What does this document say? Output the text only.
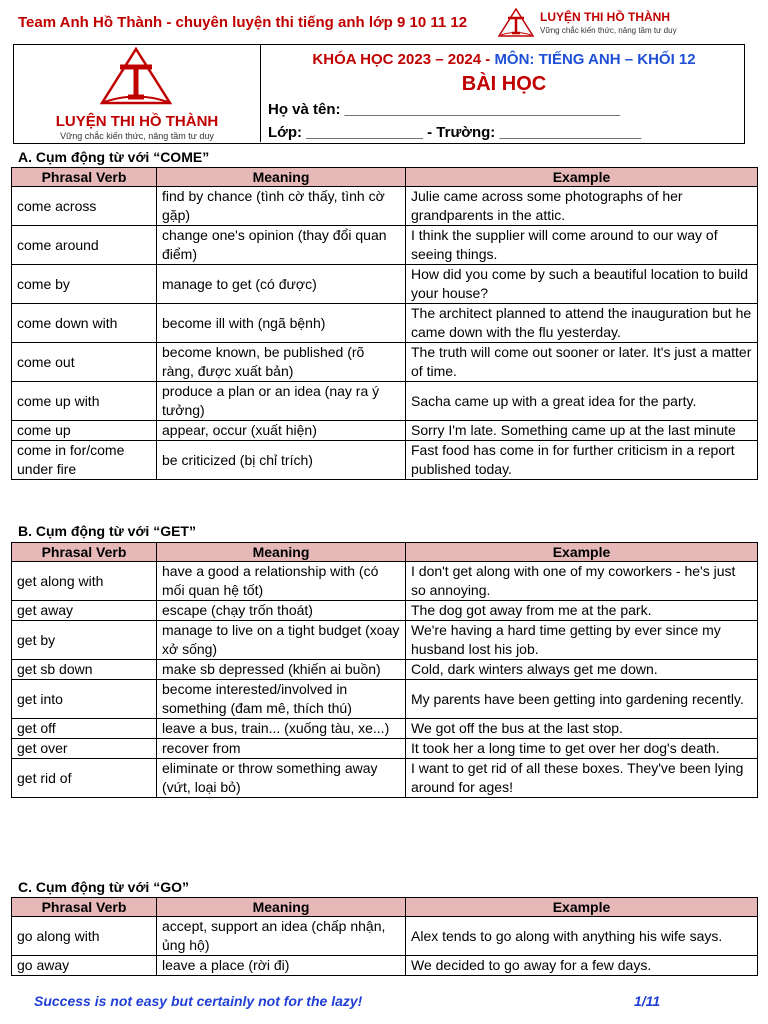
Team Anh Hồ Thành - chuyên luyện thi tiếng anh lớp 9 10 11 12	LUYỆN THI HỒ THÀNH
Vững chắc kiến thức, nâng tầm tư duy
LUYỆN THI HỒ THÀNH
Vững chắc kiến thức, nâng tầm tư duy
KHÓA HỌC 2023 – 2024 - MÔN: TIẾNG ANH – KHỐI 12
BÀI HỌC
Họ và tên: _________________________________
Lớp: ______________ - Trường: _________________
A. Cụm động từ với “COME”
Phrasal Verb	Meaning	Example
come across	find by chance (tình cờ thấy, tình cờ gặp)	Julie came across some photographs of her grandparents in the attic.
come around	change one's opinion (thay đổi quan điểm)	I think the supplier will come around to our way of seeing things.
come by	manage to get (có được)	How did you come by such a beautiful location to build your house?
come down with	become ill with (ngã bệnh)	The architect planned to attend the inauguration but he came down with the flu yesterday.
come out	become known, be published (rõ ràng, được xuất bản)	The truth will come out sooner or later. It's just a matter of time.
come up with	produce a plan or an idea (nay ra ý tưởng)	Sacha came up with a great idea for the party.
come up	appear, occur (xuất hiện)	Sorry I'm late. Something came up at the last minute
come in for/come under fire	be criticized (bị chỉ trích)	Fast food has come in for further criticism in a report published today.
B. Cụm động từ với “GET”
Phrasal Verb	Meaning	Example
get along with	have a good a relationship with (có mối quan hệ tốt)	I don't get along with one of my coworkers - he's just so annoying.
get away	escape (chạy trốn thoát)	The dog got away from me at the park.
get by	manage to live on a tight budget (xoay xở sống)	We're having a hard time getting by ever since my husband lost his job.
get sb down	make sb depressed (khiến ai buồn)	Cold, dark winters always get me down.
get into	become interested/involved in something (đam mê, thích thú)	My parents have been getting into gardening recently.
get off	leave a bus, train... (xuống tàu, xe...)	We got off the bus at the last stop.
get over	recover from	It took her a long time to get over her dog's death.
get rid of	eliminate or throw something away (vứt, loại bỏ)	I want to get rid of all these boxes. They've been lying around for ages!
C. Cụm động từ với “GO”
Phrasal Verb	Meaning	Example
go along with	accept, support an idea (chấp nhận, ủng hộ)	Alex tends to go along with anything his wife says.
go away	leave a place (rời đi)	We decided to go away for a few days.
Success is not easy but certainly not for the lazy!	1/11
